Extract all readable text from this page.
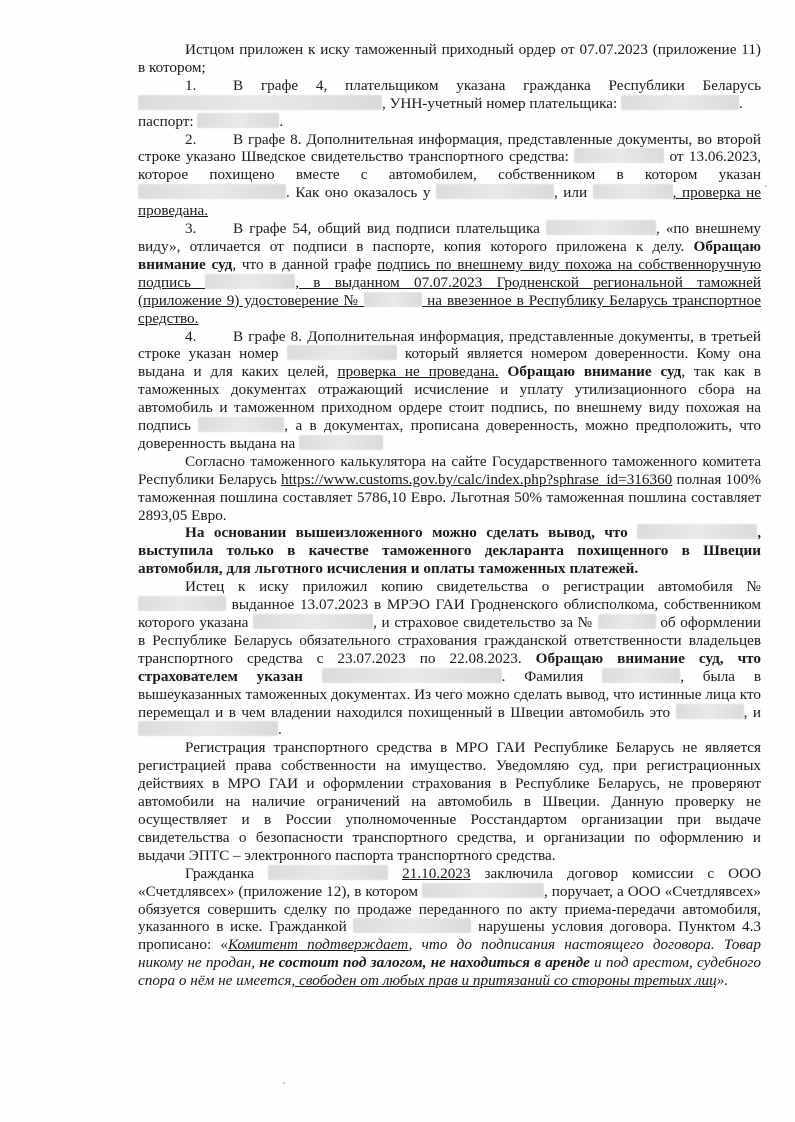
Истцом приложен к иску таможенный приходный ордер от 07.07.2023 (приложение 11) в котором;

1. В графе 4, плательщиком указана гражданка Республики Беларусь , УНН-учетный номер плательщика:	.

паспорт:	.

2. В графе 8. Дополнительная информация, представленные документы, во второй строке указано Шведское свидетельство транспортного средства:	от 13.06.2023, которое похищено вместе с автомобилем, собственником в котором указан . Как оно оказалось у	, или	, проверка не проведана.

3. В графе 54, общий вид подписи плательщика	, «по внешнему виду», отличается от подписи в паспорте, копия которого приложена к делу. Обращаю внимание суд, что в данной графе подпись по внешнему виду похожа на собственноручную подпись	, в выданном 07.07.2023 Гродненской региональной таможней (приложение 9) удостоверение №	на ввезенное в Республику Беларусь транспортное средство.

4. В графе 8. Дополнительная информация, представленные документы, в третьей строке указан номер	который является номером доверенности. Кому она выдана и для каких целей, проверка не проведана. Обращаю внимание суд, так как в таможенных документах отражающий исчисление и уплату утилизационного сбора на автомобиль и таможенном приходном ордере стоит подпись, по внешнему виду похожая на подпись	, а в документах, прописана доверенность, можно предположить, что доверенность выдана на

Согласно таможенного калькулятора на сайте Государственного таможенного комитета Республики Беларусь https://www.customs.gov.by/calc/index.php?sphrase_id=316360 полная 100% таможенная пошлина составляет 5786,10 Евро. Льготная 50% таможенная пошлина составляет 2893,05 Евро.

На основании вышеизложенного можно сделать вывод, что	, выступила только в качестве таможенного декларанта похищенного в Швеции автомобиля, для льготного исчисления и оплаты таможенных платежей.

Истец к иску приложил копию свидетельства о регистрации автомобиля №  выданное 13.07.2023 в МРЭО ГАИ Гродненского облисполкома, собственником которого указана	, и страховое свидетельство за №	об оформлении в Республике Беларусь обязательного страхования гражданской ответственности владельцев транспортного средства с 23.07.2023 по 22.08.2023. Обращаю внимание суд, что страхователем указан	. Фамилия	, была в вышеуказанных таможенных документах. Из чего можно сделать вывод, что истинные лица кто перемещал и в чем владении находился похищенный в Швеции автомобиль это	, и .

Регистрация транспортного средства в МРО ГАИ Республике Беларусь не является регистрацией права собственности на имущество. Уведомляю суд, при регистрационных действиях в МРО ГАИ и оформлении страхования в Республике Беларусь, не проверяют автомобили на наличие ограничений на автомобиль в Швеции. Данную проверку не осуществляет и в России уполномоченные Росстандартом организации при выдаче свидетельства о безопасности транспортного средства, и организации по оформлению и выдачи ЭПТС – электронного паспорта транспортного средства.

Гражданка	21.10.2023 заключила договор комиссии с ООО «Счетдлявсех» (приложение 12), в котором	, поручает, а ООО «Счетдлявсех» обязуется совершить сделку по продаже переданного по акту приема-передачи автомобиля, указанного в иске. Гражданкой	нарушены условия договора. Пунктом 4.3 прописано: «Комитент подтверждает, что до подписания настоящего договора. Товар никому не продан, не состоит под залогом, не находиться в аренде и под арестом, судебного спора о нём не имеется, свободен от любых прав и притязаний со стороны третьих лиц».
